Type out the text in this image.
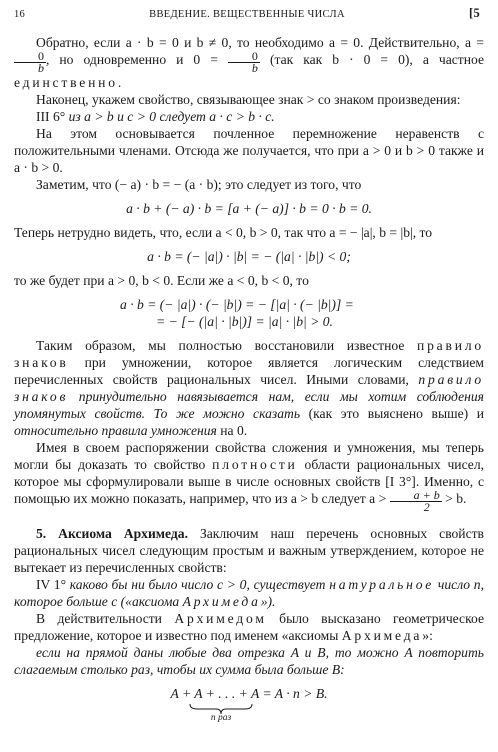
16	ВВЕДЕНИЕ. ВЕЩЕСТВЕННЫЕ ЧИСЛА	[5

Обратно, если a · b = 0 и b ≠ 0, то необходимо a = 0. Действительно, a =
$\frac{0}{b}$ , но одновременно и $0 = \frac{0}{b} (так$ как b · 0 = 0), а частное единственно.

Наконец, укажем свойство, связывающее знак > со знаком произведения:

III 6° из a > b и c > 0 следует a · c > b · c.

На этом основывается почленное перемножение неравенств с положительными членами. Отсюда же получается, что при a > 0 и b > 0 также и a · b > 0.

Заметим, что (− a) · b = − (a · b); это следует из того, что

a · b + (− a) · b = [a + (− a)] · b = 0 · b = 0.

Теперь нетрудно видеть, что, если a < 0, b > 0, так что a = − |a|, b = |b|, то

a · b = (− |a|) · |b| = − (|a| · |b|) < 0;

то же будет при a > 0, b < 0. Если же a < 0, b < 0, то

a · b = (− |a|) · (− |b|) = − [|a| · (− |b|)] =

= − [− (|a| · |b|)] = |a| · |b| > 0.

Таким образом, мы полностью восстановили известное правило знаков при умножении, которое является логическим следствием перечисленных свойств рациональных чисел. Иными словами, правило знаков принудительно навязывается нам, если мы хотим соблюдения упомянутых свойств. То же можно сказать (как это выяснено выше) и относительно правила умножения на 0.

Имея в своем распоряжении свойства сложения и умножения, мы теперь могли бы доказать то свойство плотности области рациональных чисел, которое мы сформулировали выше в числе основных свойств [I 3°]. Именно, с помощью их можно показать, например, что из a > b следует $a > \frac{a + b}{2} > b$.

5. Аксиома Архимеда. Заключим наш перечень основных свойств рациональных чисел следующим простым и важным утверждением, которое не вытекает из перечисленных свойств:

IV 1° каково бы ни было число c > 0, существует натуральное число n, которое больше c («аксиома Архимеда»).

В действительности Архимедом было высказано геометрическое предложение, которое и известно под именем «аксиомы Архимеда»:

если на прямой даны любые два отрезка A и B, то можно A повторить слагаемым столько раз, чтобы их сумма была больше B:

A + A + . . . + A = A · n > B.
n раз
